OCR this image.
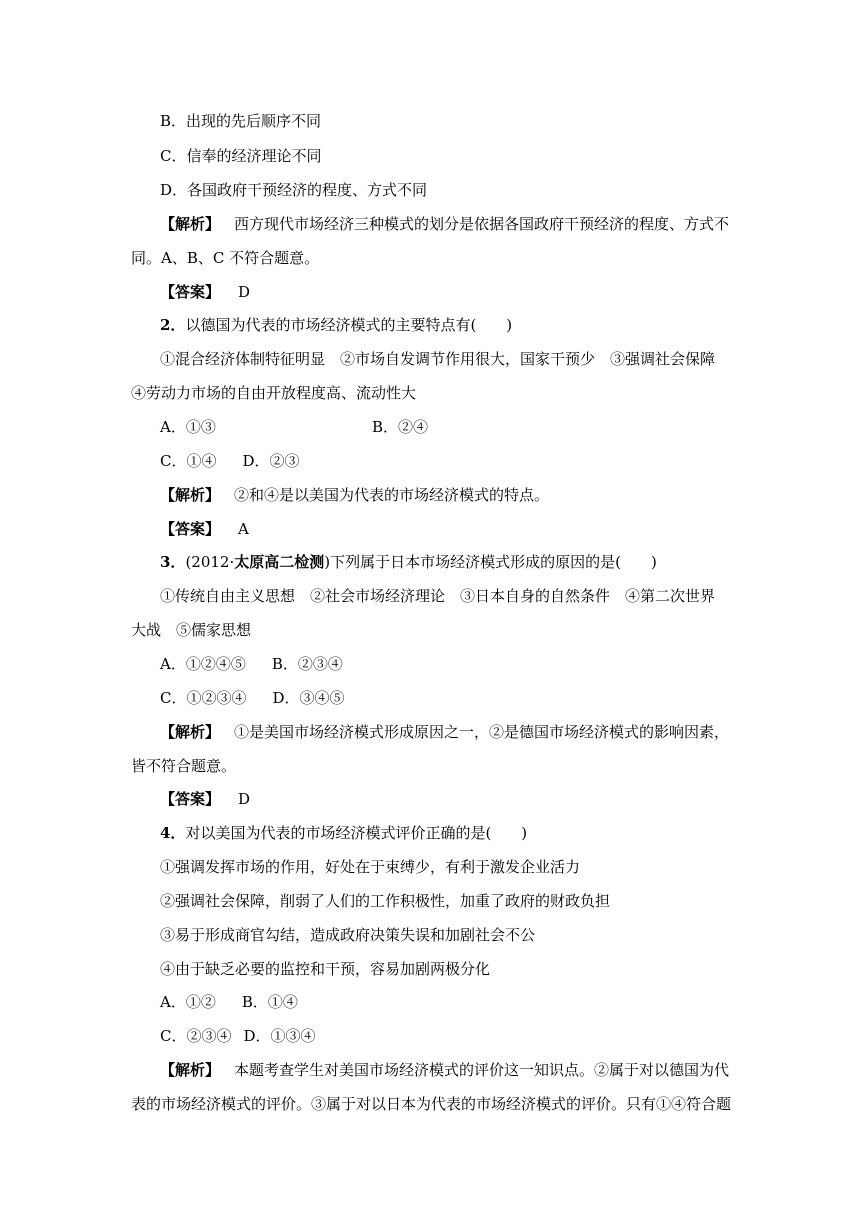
B．出现的先后顺序不同
C．信奉的经济理论不同
D．各国政府干预经济的程度、方式不同
【解析】 西方现代市场经济三种模式的划分是依据各国政府干预经济的程度、方式不
同。A、B、C 不符合题意。
【答案】 D
2．以德国为代表的市场经济模式的主要特点有(　　)
①混合经济体制特征明显　②市场自发调节作用很大，国家干预少　③强调社会保障
④劳动力市场的自由开放程度高、流动性大
A．①③	B．②④
C．①④ D．②③
【解析】 ②和④是以美国为代表的市场经济模式的特点。
【答案】 A
3．(2012·太原高二检测)下列属于日本市场经济模式形成的原因的是(　　)
①传统自由主义思想　②社会市场经济理论　③日本自身的自然条件　④第二次世界
大战　⑤儒家思想
A．①②④⑤ B．②③④
C．①②③④ D．③④⑤
【解析】 ①是美国市场经济模式形成原因之一，②是德国市场经济模式的影响因素，
皆不符合题意。
【答案】 D
4．对以美国为代表的市场经济模式评价正确的是(　　)
①强调发挥市场的作用，好处在于束缚少，有利于激发企业活力
②强调社会保障，削弱了人们的工作积极性，加重了政府的财政负担
③易于形成商官勾结，造成政府决策失误和加剧社会不公
④由于缺乏必要的监控和干预，容易加剧两极分化
A．①② B．①④
C．②③④ D．①③④
【解析】 本题考查学生对美国市场经济模式的评价这一知识点。②属于对以德国为代
表的市场经济模式的评价。③属于对以日本为代表的市场经济模式的评价。只有①④符合题
